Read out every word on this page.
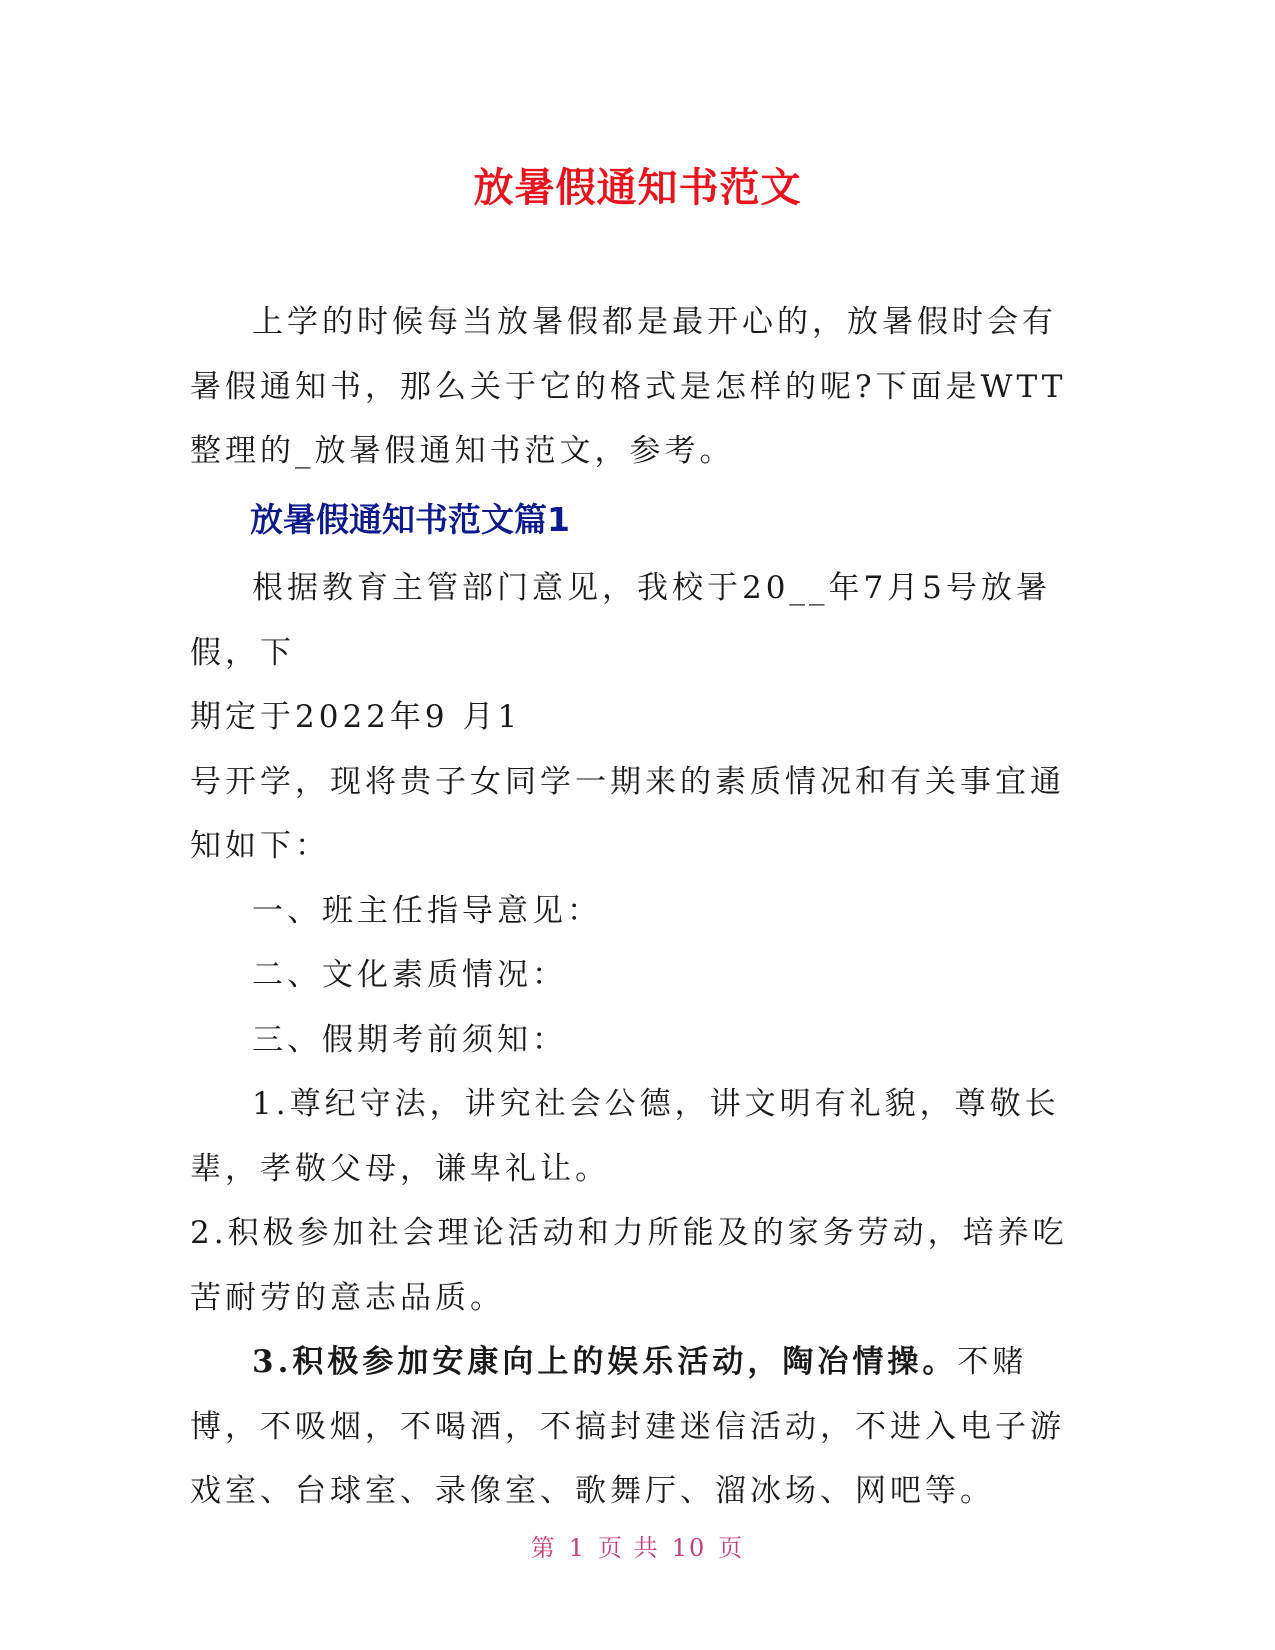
放暑假通知书范文

上学的时候每当放暑假都是最开心的，放暑假时会有暑假通知书，那么关于它的格式是怎样的呢?下面是WTT整理的_放暑假通知书范文，参考。

放暑假通知书范文篇1

根据教育主管部门意见，我校于20__年7月5号放暑假，下

期定于2022年9 月1

号开学，现将贵子女同学一期来的素质情况和有关事宜通知如下：

一、班主任指导意见：

二、文化素质情况：

三、假期考前须知：

1.尊纪守法，讲究社会公德，讲文明有礼貌，尊敬长辈，孝敬父母，谦卑礼让。

2.积极参加社会理论活动和力所能及的家务劳动，培养吃苦耐劳的意志品质。

3.积极参加安康向上的娱乐活动，陶冶情操。不赌博，不吸烟，不喝酒，不搞封建迷信活动，不进入电子游戏室、台球室、录像室、歌舞厅、溜冰场、网吧等。

第 1 页 共 10 页
